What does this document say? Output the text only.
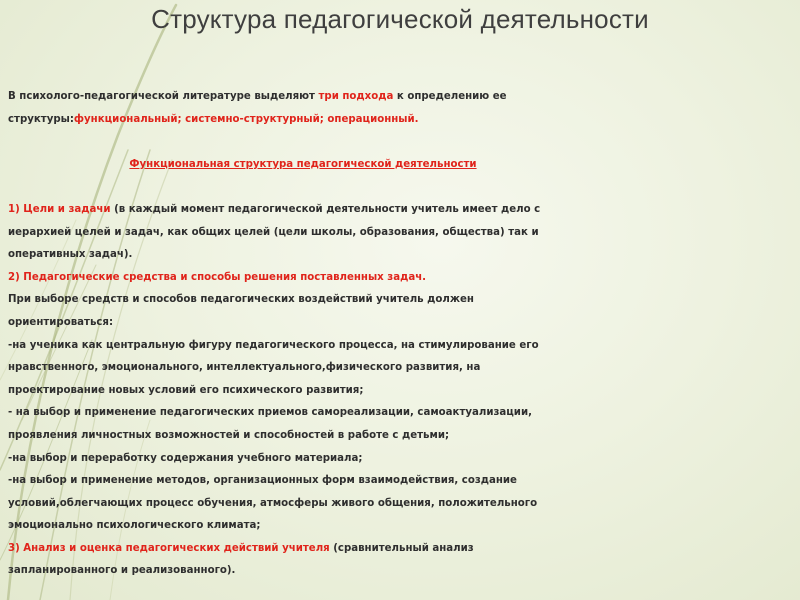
Структура педагогической деятельности
В психолого-педагогической литературе выделяют три подхода к определению ее
структуры:функциональный; системно-структурный; операционный.
Функциональная структура педагогической деятельности
1) Цели и задачи (в каждый момент педагогической деятельности учитель имеет дело с
иерархией целей и задач, как общих целей (цели школы, образования, общества) так и
оперативных задач).
2) Педагогические средства и способы решения поставленных задач.
При выборе средств и способов педагогических воздействий учитель должен
ориентироваться:
-на ученика как центральную фигуру педагогического процесса, на стимулирование его
нравственного, эмоционального, интеллектуального,физического развития, на
проектирование новых условий его психического развития;
- на выбор и применение педагогических приемов самореализации, самоактуализации,
проявления личностных возможностей и способностей в работе с детьми;
-на выбор и переработку содержания учебного материала;
-на выбор и применение методов, организационных форм взаимодействия, создание
условий,облегчающих процесс обучения, атмосферы живого общения, положительного
эмоционально психологического климата;
3) Анализ и оценка педагогических действий учителя (сравнительный анализ
запланированного и реализованного).
